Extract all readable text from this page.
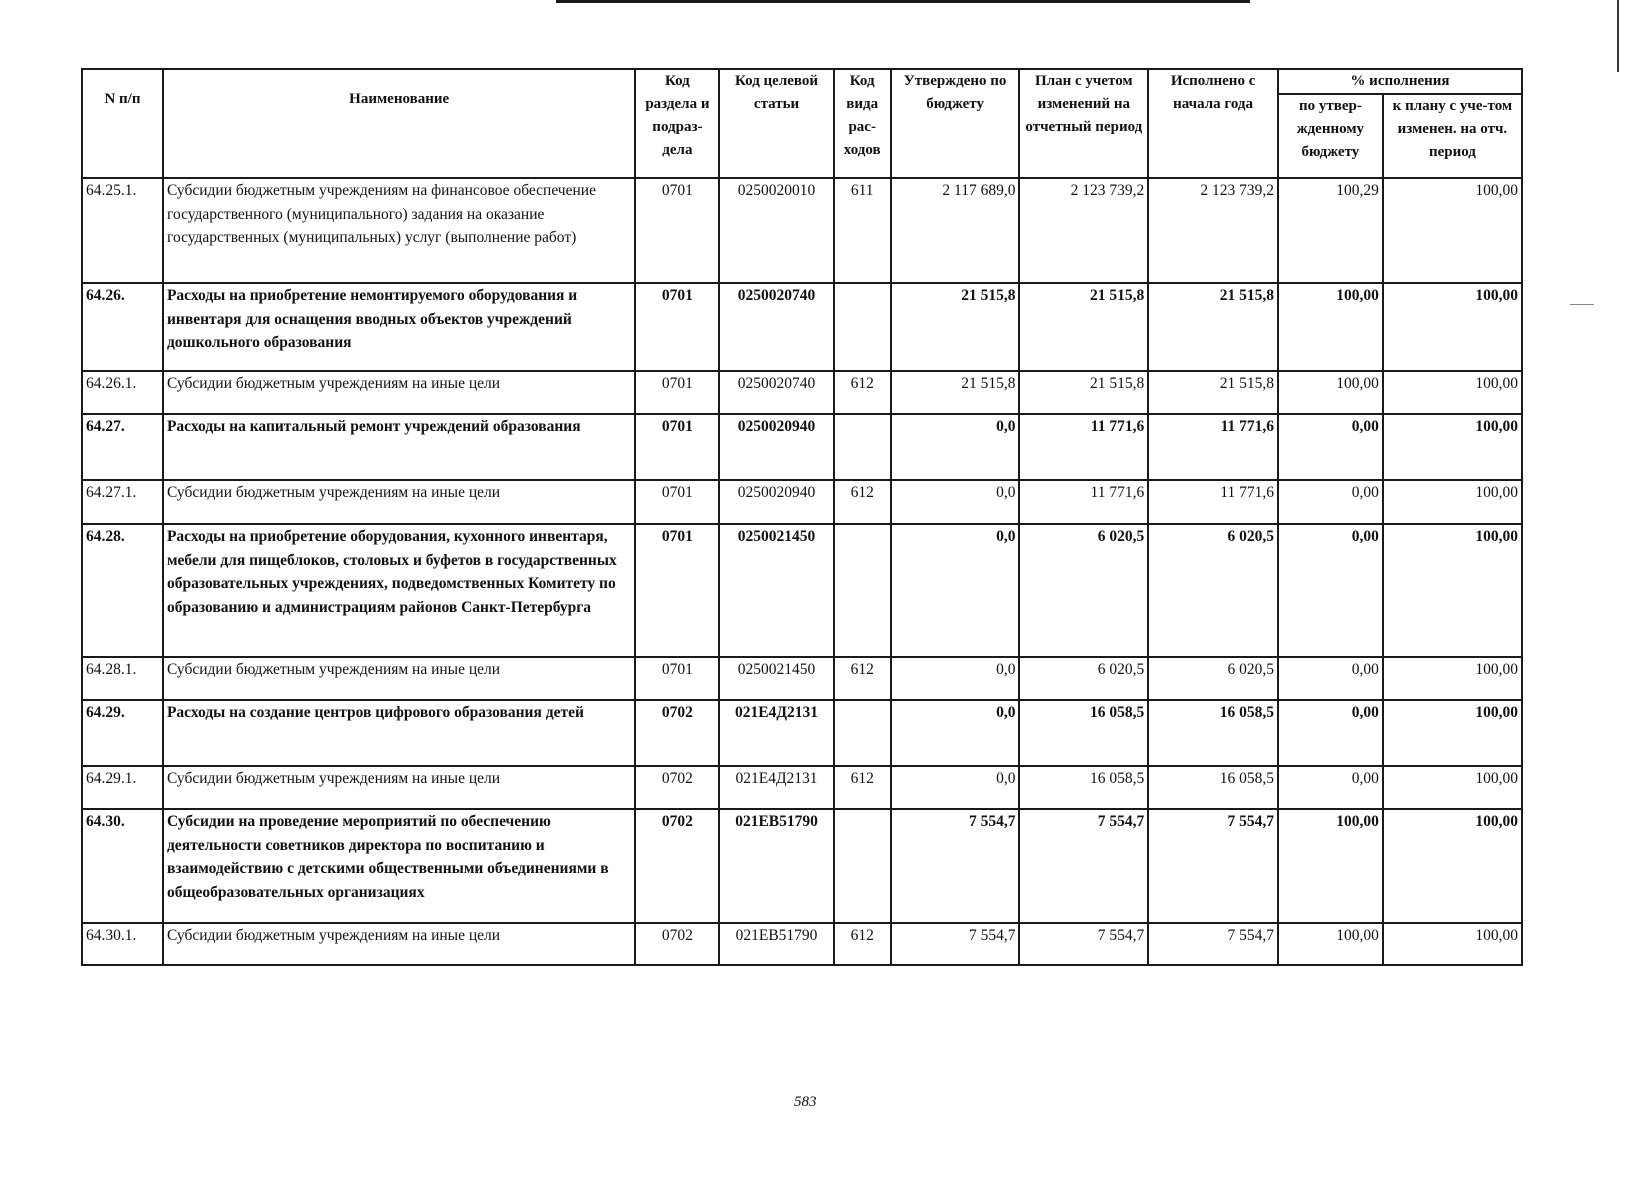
N п/п	Наименование	Код раздела и подраз-дела	Код целевой статьи	Код вида рас-ходов	Утверждено по бюджету	План с учетом изменений на отчетный период	Исполнено с начала года	% исполнения	
								по утвер-жденному бюджету	к плану с уче-том изменен. на отч. период
64.25.1.	Субсидии бюджетным учреждениям на финансовое обеспечение государственного (муниципального) задания на оказание государственных (муниципальных) услуг (выполнение работ)	0701	0250020010	611	2 117 689,0	2 123 739,2	2 123 739,2	100,29	100,00
64.26.	Расходы на приобретение немонтируемого оборудования и инвентаря для оснащения вводных объектов учреждений дошкольного образования	0701	0250020740		21 515,8	21 515,8	21 515,8	100,00	100,00
64.26.1.	Субсидии бюджетным учреждениям на иные цели	0701	0250020740	612	21 515,8	21 515,8	21 515,8	100,00	100,00
64.27.	Расходы на капитальный ремонт учреждений образования	0701	0250020940		0,0	11 771,6	11 771,6	0,00	100,00
64.27.1.	Субсидии бюджетным учреждениям на иные цели	0701	0250020940	612	0,0	11 771,6	11 771,6	0,00	100,00
64.28.	Расходы на приобретение оборудования, кухонного инвентаря, мебели для пищеблоков, столовых и буфетов в государственных образовательных учреждениях, подведомственных Комитету по образованию и администрациям районов Санкт-Петербурга	0701	0250021450		0,0	6 020,5	6 020,5	0,00	100,00
64.28.1.	Субсидии бюджетным учреждениям на иные цели	0701	0250021450	612	0,0	6 020,5	6 020,5	0,00	100,00
64.29.	Расходы на создание центров цифрового образования детей	0702	021Е4Д2131		0,0	16 058,5	16 058,5	0,00	100,00
64.29.1.	Субсидии бюджетным учреждениям на иные цели	0702	021Е4Д2131	612	0,0	16 058,5	16 058,5	0,00	100,00
64.30.	Субсидии на проведение мероприятий по обеспечению деятельности советников директора по воспитанию и взаимодействию с детскими общественными объединениями в общеобразовательных организациях	0702	021ЕВ51790		7 554,7	7 554,7	7 554,7	100,00	100,00
64.30.1.	Субсидии бюджетным учреждениям на иные цели	0702	021ЕВ51790	612	7 554,7	7 554,7	7 554,7	100,00	100,00
583
